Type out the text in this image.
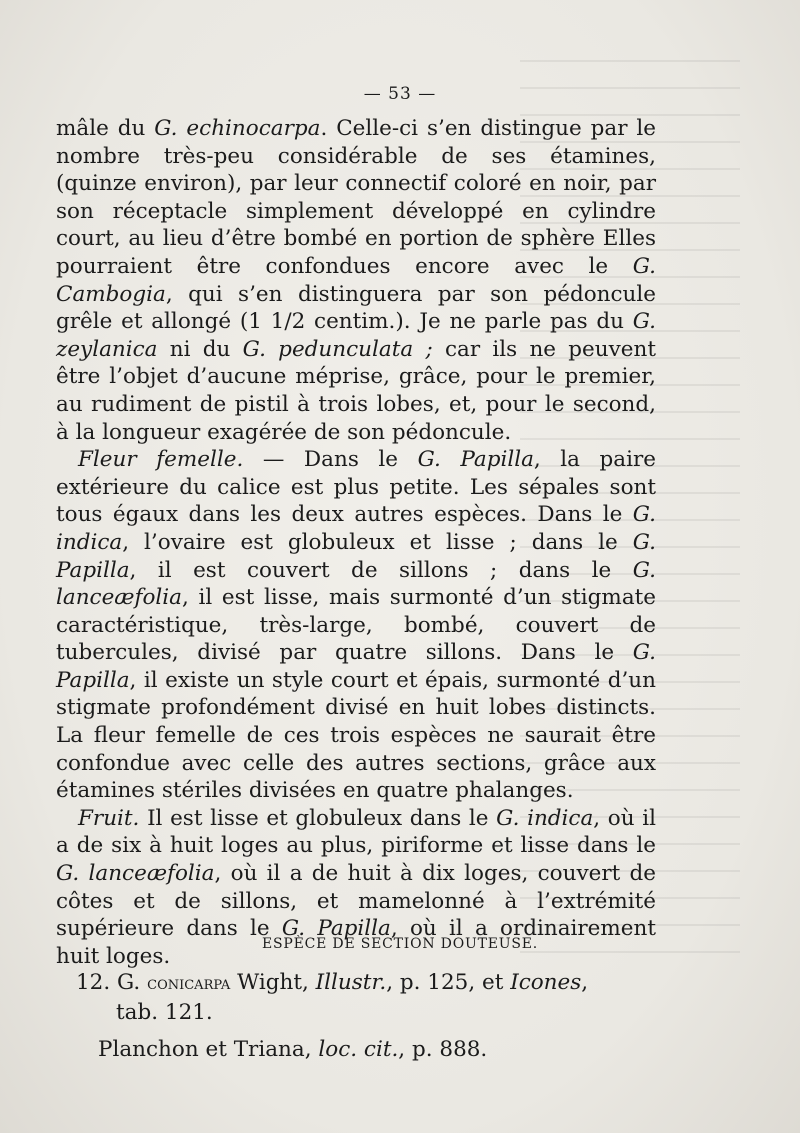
— 53 —

mâle du G. echinocarpa. Celle-ci s’en distingue par le nombre très-peu considérable de ses étamines, (quinze environ), par leur connectif coloré en noir, par son réceptacle simplement développé en cylindre court, au lieu d’être bombé en portion de sphère Elles pourraient être confondues encore avec le G. Cambogia, qui s’en distinguera par son pédoncule grêle et allongé (1 1/2 centim.). Je ne parle pas du G. zeylanica ni du G. pedunculata ; car ils ne peuvent être l’objet d’aucune méprise, grâce, pour le premier, au rudiment de pistil à trois lobes, et, pour le second, à la longueur exagérée de son pédoncule.

Fleur femelle. — Dans le G. Papilla, la paire extérieure du calice est plus petite. Les sépales sont tous égaux dans les deux autres espèces. Dans le G. indica, l’ovaire est globuleux et lisse ; dans le G. Papilla, il est couvert de sillons ; dans le G. lanceæfolia, il est lisse, mais surmonté d’un stigmate caractéristique, très-large, bombé, couvert de tubercules, divisé par quatre sillons. Dans le G. Papilla, il existe un style court et épais, surmonté d’un stigmate profondément divisé en huit lobes distincts. La fleur femelle de ces trois espèces ne saurait être confondue avec celle des autres sections, grâce aux étamines stériles divisées en quatre phalanges.

Fruit. Il est lisse et globuleux dans le G. indica, où il a de six à huit loges au plus, piriforme et lisse dans le G. lanceæfolia, où il a de huit à dix loges, couvert de côtes et de sillons, et mamelonné à l’extrémité supérieure dans le G. Papilla, où il a ordinairement huit loges.	ESPÈCE DE SECTION DOUTEUSE.

12. G. conicarpa Wight, Illustr., p. 125, et Icones,

tab. 121.

Planchon et Triana, loc. cit., p. 888.
